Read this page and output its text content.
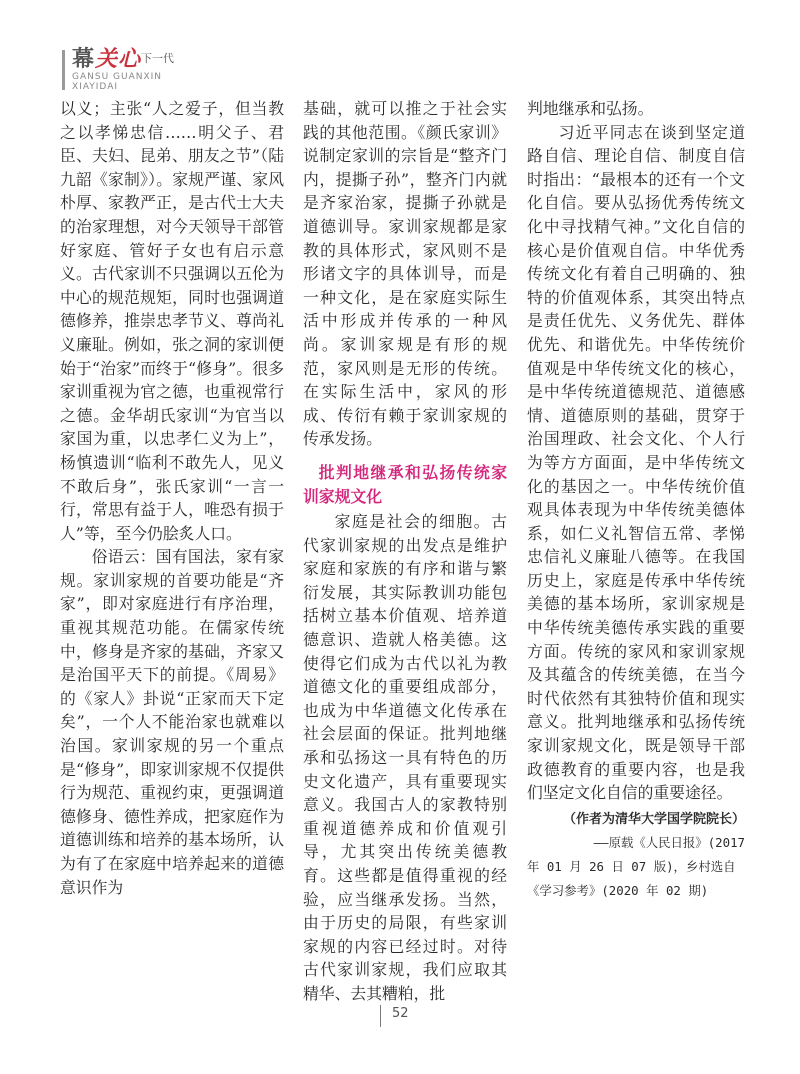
幕关心$^{下一代}$
GANSU GUANXIN
XIAYIDAI

以义；主张“人之爱子，但当教之以孝悌忠信……明父子、君臣、夫妇、昆弟、朋友之节”（陆九韶《家制》）。家规严谨、家风朴厚、家教严正，是古代士大夫的治家理想，对今天领导干部管好家庭、管好子女也有启示意义。古代家训不只强调以五伦为中心的规范规矩，同时也强调道德修养，推崇忠孝节义、尊尚礼义廉耻。例如，张之洞的家训便始于“治家”而终于“修身”。很多家训重视为官之德，也重视常行之德。金华胡氏家训“为官当以家国为重，以忠孝仁义为上”，杨慎遗训“临利不敢先人，见义不敢后身”，张氏家训“一言一行，常思有益于人，唯恐有损于人”等，至今仍脍炙人口。

俗语云：国有国法，家有家规。家训家规的首要功能是“齐家”，即对家庭进行有序治理，重视其规范功能。在儒家传统中，修身是齐家的基础，齐家又是治国平天下的前提。《周易》的《家人》卦说“正家而天下定矣”，一个人不能治家也就难以治国。家训家规的另一个重点是“修身”，即家训家规不仅提供行为规范、重视约束，更强调道德修身、德性养成，把家庭作为道德训练和培养的基本场所，认为有了在家庭中培养起来的道德意识作为

基础，就可以推之于社会实践的其他范围。《颜氏家训》说制定家训的宗旨是“整齐门内，提撕子孙”，整齐门内就是齐家治家，提撕子孙就是道德训导。家训家规都是家教的具体形式，家风则不是形诸文字的具体训导，而是一种文化，是在家庭实际生活中形成并传承的一种风尚。家训家规是有形的规范，家风则是无形的传统。在实际生活中，家风的形成、传衍有赖于家训家规的传承发扬。

批判地继承和弘扬传统家训家规文化

家庭是社会的细胞。古代家训家规的出发点是维护家庭和家族的有序和谐与繁衍发展，其实际教训功能包括树立基本价值观、培养道德意识、造就人格美德。这使得它们成为古代以礼为教道德文化的重要组成部分，也成为中华道德文化传承在社会层面的保证。批判地继承和弘扬这一具有特色的历史文化遗产，具有重要现实意义。我国古人的家教特别重视道德养成和价值观引导，尤其突出传统美德教育。这些都是值得重视的经验，应当继承发扬。当然，由于历史的局限，有些家训家规的内容已经过时。对待古代家训家规，我们应取其精华、去其糟粕，批

判地继承和弘扬。

习近平同志在谈到坚定道路自信、理论自信、制度自信时指出：“最根本的还有一个文化自信。要从弘扬优秀传统文化中寻找精气神。”文化自信的核心是价值观自信。中华优秀传统文化有着自己明确的、独特的价值观体系，其突出特点是责任优先、义务优先、群体优先、和谐优先。中华传统价值观是中华传统文化的核心，是中华传统道德规范、道德感情、道德原则的基础，贯穿于治国理政、社会文化、个人行为等方方面面，是中华传统文化的基因之一。中华传统价值观具体表现为中华传统美德体系，如仁义礼智信五常、孝悌忠信礼义廉耻八德等。在我国历史上，家庭是传承中华传统美德的基本场所，家训家规是中华传统美德传承实践的重要方面。传统的家风和家训家规及其蕴含的传统美德，在当今时代依然有其独特价值和现实意义。批判地继承和弘扬传统家训家规文化，既是领导干部政德教育的重要内容，也是我们坚定文化自信的重要途径。

（作者为清华大学国学院院长）

——原载《人民日报》(2017
年 01 月 26 日 07 版)，乡村选自
《学习参考》(2020 年 02 期)

52
